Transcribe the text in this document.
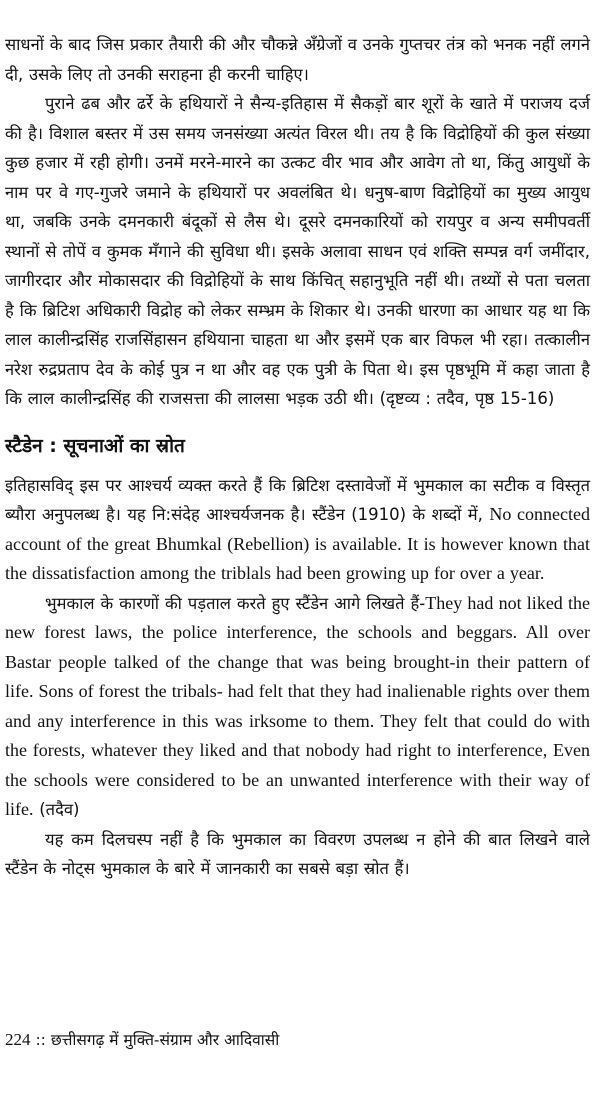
साधनों के बाद जिस प्रकार तैयारी की और चौकन्ने अँग्रेजों व उनके गुप्तचर तंत्र को भनक नहीं लगने दी, उसके लिए तो उनकी सराहना ही करनी चाहिए।

पुराने ढब और ढर्रे के हथियारों ने सैन्य-इतिहास में सैकड़ों बार शूरों के खाते में पराजय दर्ज की है। विशाल बस्तर में उस समय जनसंख्या अत्यंत विरल थी। तय है कि विद्रोहियों की कुल संख्या कुछ हजार में रही होगी। उनमें मरने-मारने का उत्कट वीर भाव और आवेग तो था, किंतु आयुधों के नाम पर वे गए-गुजरे जमाने के हथियारों पर अवलंबित थे। धनुष-बाण विद्रोहियों का मुख्य आयुध था, जबकि उनके दमनकारी बंदूकों से लैस थे। दूसरे दमनकारियों को रायपुर व अन्य समीपवर्ती स्थानों से तोपें व कुमक मँगाने की सुविधा थी। इसके अलावा साधन एवं शक्ति सम्पन्न वर्ग जमींदार, जागीरदार और मोकासदार की विद्रोहियों के साथ किंचित् सहानुभूति नहीं थी। तथ्यों से पता चलता है कि ब्रिटिश अधिकारी विद्रोह को लेकर सम्भ्रम के शिकार थे। उनकी धारणा का आधार यह था कि लाल कालीन्द्रसिंह राजसिंहासन हथियाना चाहता था और इसमें एक बार विफल भी रहा। तत्कालीन नरेश रुद्रप्रताप देव के कोई पुत्र न था और वह एक पुत्री के पिता थे। इस पृष्ठभूमि में कहा जाता है कि लाल कालीन्द्रसिंह की राजसत्ता की लालसा भड़क उठी थी। (दृष्टव्य : तदैव, पृष्ठ 15-16)

स्टैडेन : सूचनाओं का स्रोत

इतिहासविद् इस पर आश्चर्य व्यक्त करते हैं कि ब्रिटिश दस्तावेजों में भुमकाल का सटीक व विस्तृत ब्यौरा अनुपलब्ध है। यह नि:संदेह आश्चर्यजनक है। स्टैंडेन (1910) के शब्दों में, No connected account of the great Bhumkal (Rebellion) is available. It is however known that the dissatisfaction among the triblals had been growing up for over a year.

भुमकाल के कारणों की पड़ताल करते हुए स्टैंडेन आगे लिखते हैं-They had not liked the new forest laws, the police interference, the schools and beggars. All over Bastar people talked of the change that was being brought-in their pattern of life. Sons of forest the tribals- had felt that they had inalienable rights over them and any interference in this was irksome to them. They felt that could do with the forests, whatever they liked and that nobody had right to interference, Even the schools were considered to be an unwanted interference with their way of life. (तदैव)

यह कम दिलचस्प नहीं है कि भुमकाल का विवरण उपलब्ध न होने की बात लिखने वाले स्टैंडेन के नोट्स भुमकाल के बारे में जानकारी का सबसे बड़ा स्रोत हैं।

224 :: छत्तीसगढ़ में मुक्ति-संग्राम और आदिवासी
